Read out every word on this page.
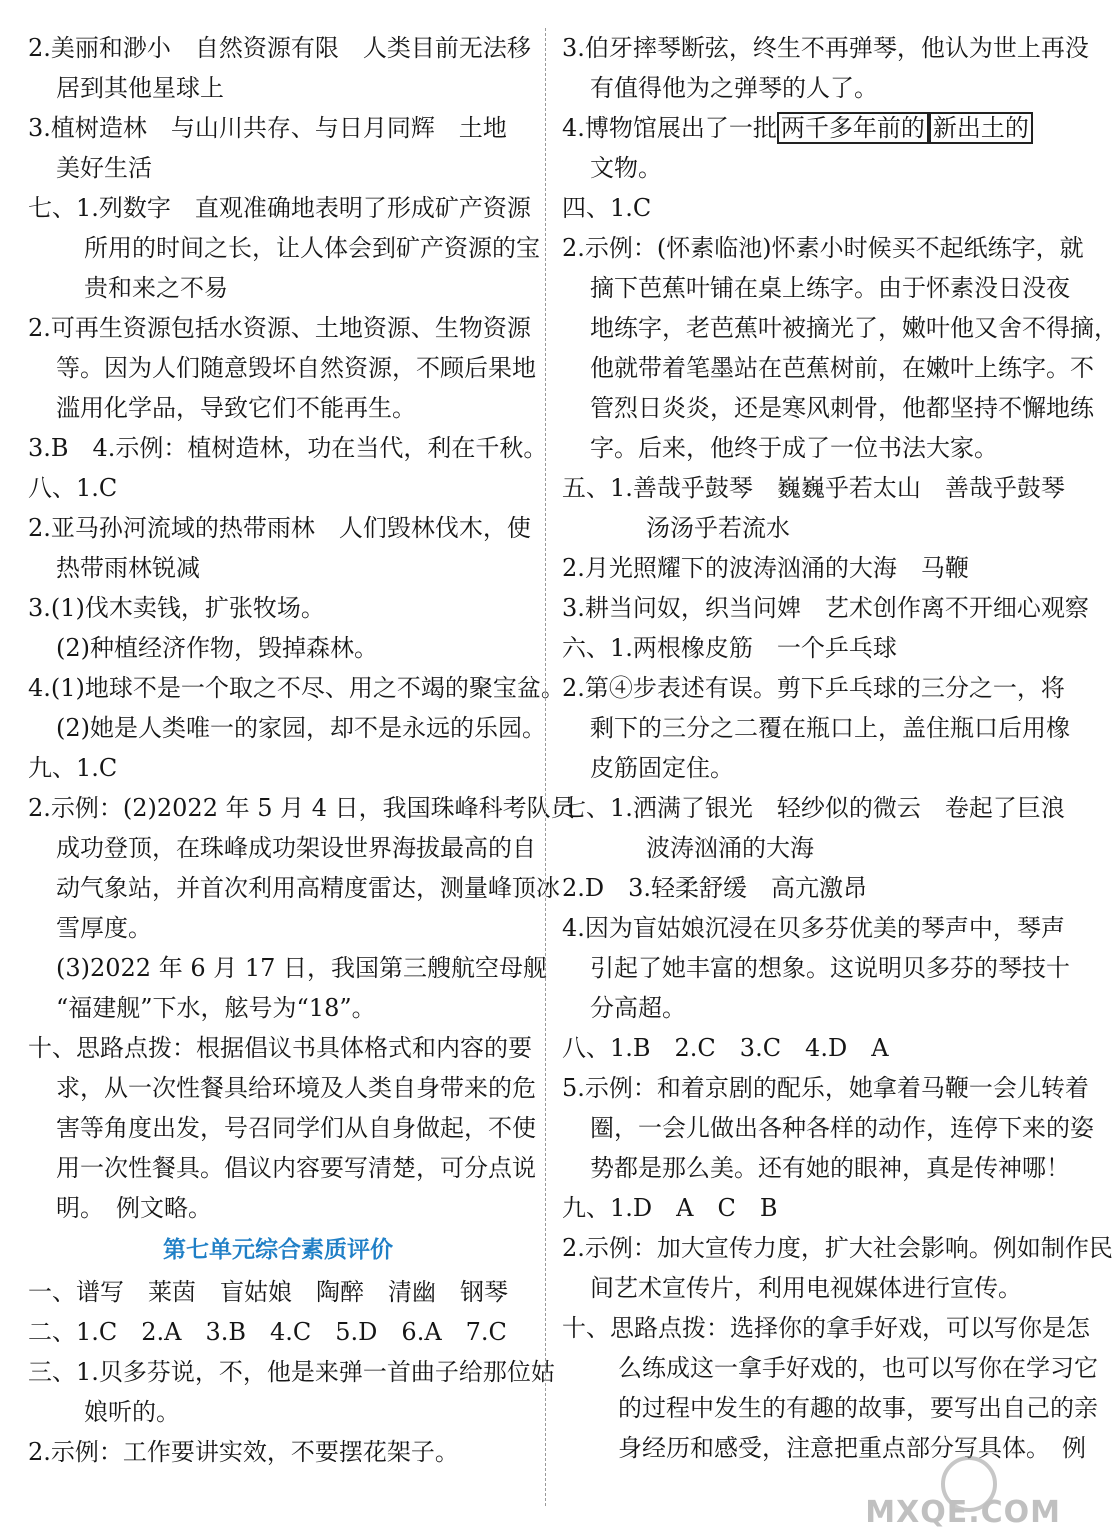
2.美丽和渺小　自然资源有限　人类目前无法移
居到其他星球上
3.植树造林　与山川共存、与日月同辉　土地
美好生活
七、1.列数字　直观准确地表明了形成矿产资源
所用的时间之长，让人体会到矿产资源的宝
贵和来之不易
2.可再生资源包括水资源、土地资源、生物资源
等。因为人们随意毁坏自然资源，不顾后果地
滥用化学品，导致它们不能再生。
3.B　4.示例：植树造林，功在当代，利在千秋。
八、1.C
2.亚马孙河流域的热带雨林　人们毁林伐木，使
热带雨林锐减
3.(1)伐木卖钱，扩张牧场。
(2)种植经济作物，毁掉森林。
4.(1)地球不是一个取之不尽、用之不竭的聚宝盆。
(2)她是人类唯一的家园，却不是永远的乐园。
九、1.C
2.示例：(2)2022 年 5 月 4 日，我国珠峰科考队员
成功登顶，在珠峰成功架设世界海拔最高的自
动气象站，并首次利用高精度雷达，测量峰顶冰
雪厚度。
(3)2022 年 6 月 17 日，我国第三艘航空母舰
“福建舰”下水，舷号为“18”。
十、思路点拨：根据倡议书具体格式和内容的要
求，从一次性餐具给环境及人类自身带来的危
害等角度出发，号召同学们从自身做起，不使
用一次性餐具。倡议内容要写清楚，可分点说
明。　例文略。
第七单元综合素质评价
一、谱写　莱茵　盲姑娘　陶醉　清幽　钢琴
二、1.C　2.A　3.B　4.C　5.D　6.A　7.C
三、1.贝多芬说，不，他是来弹一首曲子给那位姑
娘听的。
2.示例：工作要讲实效，不要摆花架子。
3.伯牙摔琴断弦，终生不再弹琴，他认为世上再没
有值得他为之弹琴的人了。
4.博物馆展出了一批 两千多年前的 新出土的
文物。
四、1.C
2.示例：(怀素临池)怀素小时候买不起纸练字，就
摘下芭蕉叶铺在桌上练字。由于怀素没日没夜
地练字，老芭蕉叶被摘光了，嫩叶他又舍不得摘，
他就带着笔墨站在芭蕉树前，在嫩叶上练字。不
管烈日炎炎，还是寒风刺骨，他都坚持不懈地练
字。后来，他终于成了一位书法大家。
五、1.善哉乎鼓琴　巍巍乎若太山　善哉乎鼓琴
汤汤乎若流水
2.月光照耀下的波涛汹涌的大海　马鞭
3.耕当问奴，织当问婢　艺术创作离不开细心观察
六、1.两根橡皮筋　一个乒乓球
2.第④步表述有误。剪下乒乓球的三分之一，将
剩下的三分之二覆在瓶口上，盖住瓶口后用橡
皮筋固定住。
七、1.洒满了银光　轻纱似的微云　卷起了巨浪
波涛汹涌的大海
2.D　3.轻柔舒缓　高亢激昂
4.因为盲姑娘沉浸在贝多芬优美的琴声中，琴声
引起了她丰富的想象。这说明贝多芬的琴技十
分高超。
八、1.B　2.C　3.C　4.D　A
5.示例：和着京剧的配乐，她拿着马鞭一会儿转着
圈，一会儿做出各种各样的动作，连停下来的姿
势都是那么美。还有她的眼神，真是传神哪！
九、1.D　A　C　B
2.示例：加大宣传力度，扩大社会影响。例如制作民
间艺术宣传片，利用电视媒体进行宣传。
十、思路点拨：选择你的拿手好戏，可以写你是怎
么练成这一拿手好戏的，也可以写你在学习它
的过程中发生的有趣的故事，要写出自己的亲
身经历和感受，注意把重点部分写具体。　例
MXQE.COM
